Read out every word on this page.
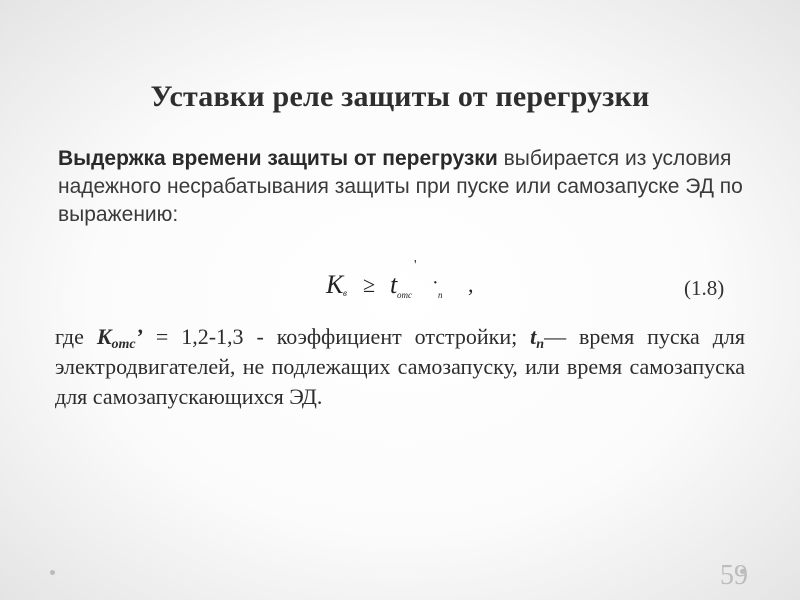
Уставки реле защиты от перегрузки
Выдержка времени защиты от перегрузки выбирается из условия надежного несрабатывания защиты при пуске или самозапуске ЭД по выражению:
K в ≥ t
'
отс
·
п ,	(1.8)
где $K_{отс}$’ = 1,2-1,3 - коэффициент отстройки; $t_п—$ время пуска для электродвигателей, не подлежащих самозапуску, или время самозапуска для самозапускающихся ЭД.
59
